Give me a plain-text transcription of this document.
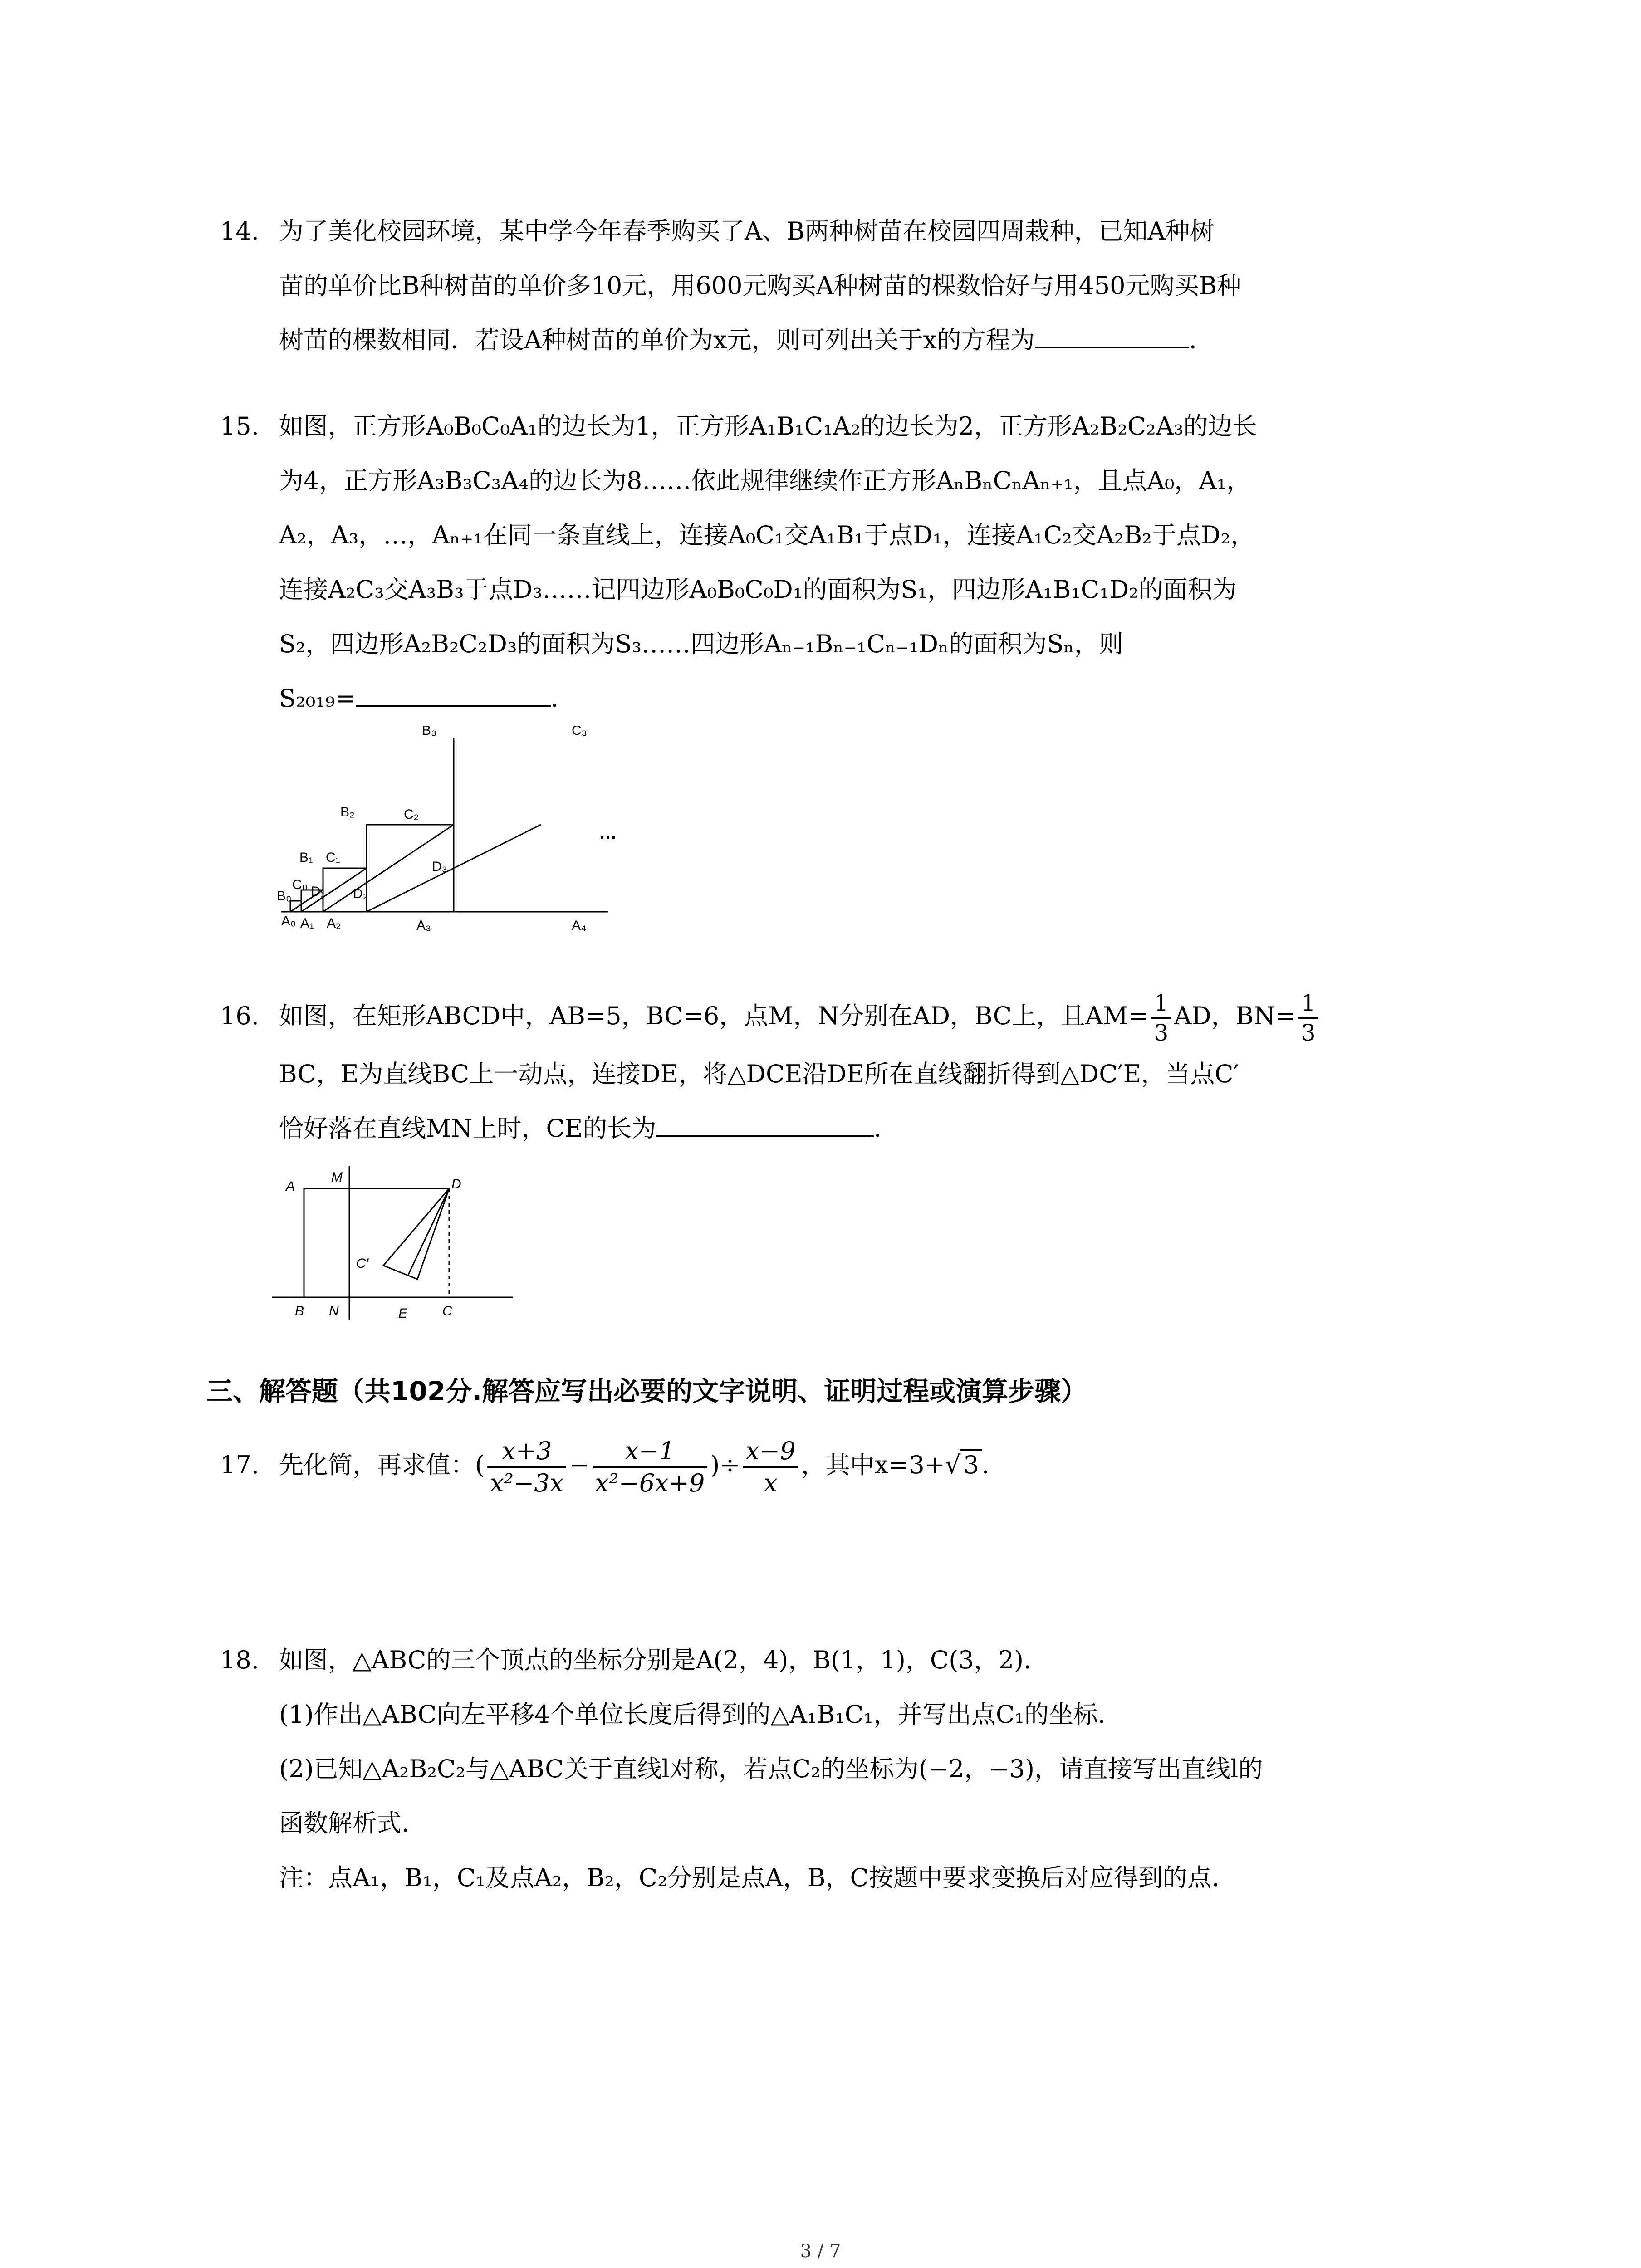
14. 为了美化校园环境，某中学今年春季购买了A、B两种树苗在校园四周栽种，已知A种树

苗的单价比B种树苗的单价多10元，用600元购买A种树苗的棵数恰好与用450元购买B种

树苗的棵数相同．若设A种树苗的单价为x元，则可列出关于x的方程为	．

15. 如图，正方形A₀B₀C₀A₁的边长为1，正方形A₁B₁C₁A₂的边长为2，正方形A₂B₂C₂A₃的边长

为4，正方形A₃B₃C₃A₄的边长为8……依此规律继续作正方形AₙBₙCₙAₙ₊₁，且点A₀，A₁，

A₂，A₃，…，Aₙ₊₁在同一条直线上，连接A₀C₁交A₁B₁于点D₁，连接A₁C₂交A₂B₂于点D₂，

连接A₂C₃交A₃B₃于点D₃……记四边形A₀B₀C₀D₁的面积为S₁，四边形A₁B₁C₁D₂的面积为

S₂，四边形A₂B₂C₂D₃的面积为S₃……四边形Aₙ₋₁Bₙ₋₁Cₙ₋₁Dₙ的面积为Sₙ，则

S₂₀₁₉=	．

B₃	C₃
B₂	C₂
B₁ C₁
B₀
C₀ D₁ D₂
D₃
A₀ A₁ A₂	A₃	A₄
…

16. 如图，在矩形ABCD中，AB=5，BC=6，点M，N分别在AD，BC上，且$AM= \frac{1}{3}$ AD，$BN= \frac{1}{3}$

BC，E为直线BC上一动点，连接DE，将△DCE沿DE所在直线翻折得到△DC′E，当点C′

恰好落在直线MN上时，CE的长为	．

A
M	D
C′
B N	E	C
三、解答题（共102分.解答应写出必要的文字说明、证明过程或演算步骤）

17. 先化简，再求值：( $\frac{x+3}{\text{x²−3x}} - \frac{x-1}{\text{x²−6x+9}}$ )÷ $\frac{x-9}{x}$ ，其中x=3+√ 3 ．

18. 如图，△ABC的三个顶点的坐标分别是A(2，4)，B(1，1)，C(3，2)．

(1)作出△ABC向左平移4个单位长度后得到的△A₁B₁C₁，并写出点C₁的坐标．

(2)已知△A₂B₂C₂与△ABC关于直线l对称，若点C₂的坐标为(−2，−3)，请直接写出直线l的

函数解析式．

注：点A₁，B₁，C₁及点A₂，B₂，C₂分别是点A，B，C按题中要求变换后对应得到的点．

3 / 7
